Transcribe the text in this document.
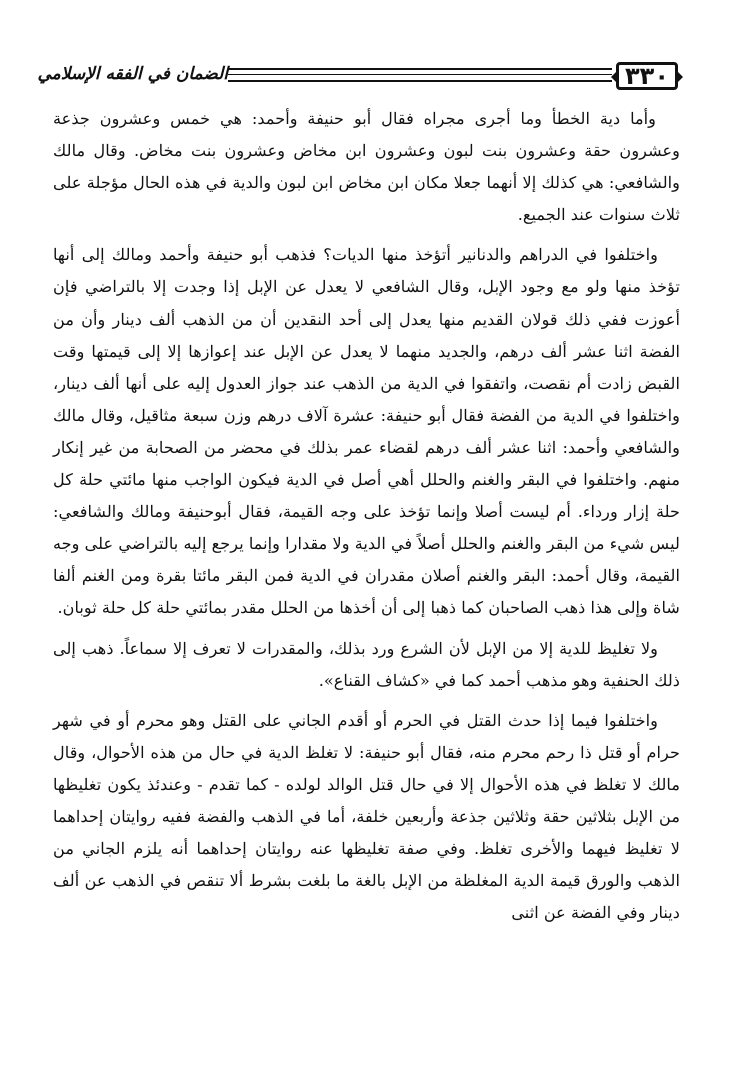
٣٣٠
الضمان في الفقه الإسلامي

وأما دية الخطأ وما أجرى مجراه فقال أبو حنيفة وأحمد: هي خمس وعشرون جذعة وعشرون حقة وعشرون بنت لبون وعشرون ابن مخاض وعشرون بنت مخاض. وقال مالك والشافعي: هي كذلك إلا أنهما جعلا مكان ابن مخاض ابن لبون والدية في هذه الحال مؤجلة على ثلاث سنوات عند الجميع.

واختلفوا في الدراهم والدنانير أتؤخذ منها الديات؟ فذهب أبو حنيفة وأحمد ومالك إلى أنها تؤخذ منها ولو مع وجود الإبل، وقال الشافعي لا يعدل عن الإبل إذا وجدت إلا بالتراضي فإن أعوزت ففي ذلك قولان القديم منها يعدل إلى أحد النقدين أن من الذهب ألف دينار وأن من الفضة اثنا عشر ألف درهم، والجديد منهما لا يعدل عن الإبل عند إعوازها إلا إلى قيمتها وقت القبض زادت أم نقصت، واتفقوا في الدية من الذهب عند جواز العدول إليه على أنها ألف دينار، واختلفوا في الدية من الفضة فقال أبو حنيفة: عشرة آلاف درهم وزن سبعة مثاقيل، وقال مالك والشافعي وأحمد: اثنا عشر ألف درهم لقضاء عمر بذلك في محضر من الصحابة من غير إنكار منهم. واختلفوا في البقر والغنم والحلل أهي أصل في الدية فيكون الواجب منها مائتي حلة كل حلة إزار ورداء. أم ليست أصلا وإنما تؤخذ على وجه القيمة، فقال أبوحنيفة ومالك والشافعي: ليس شيء من البقر والغنم والحلل أصلاً في الدية ولا مقدارا وإنما يرجع إليه بالتراضي على وجه القيمة، وقال أحمد: البقر والغنم أصلان مقدران في الدية فمن البقر مائتا بقرة ومن الغنم ألفا شاة وإلى هذا ذهب الصاحبان كما ذهبا إلى أن أخذها من الحلل مقدر بمائتي حلة كل حلة ثوبان.

ولا تغليظ للدية إلا من الإبل لأن الشرع ورد بذلك، والمقدرات لا تعرف إلا سماعاً. ذهب إلى ذلك الحنفية وهو مذهب أحمد كما في «كشاف القناع».

واختلفوا فيما إذا حدث القتل في الحرم أو أقدم الجاني على القتل وهو محرم أو في شهر حرام أو قتل ذا رحم محرم منه، فقال أبو حنيفة: لا تغلظ الدية في حال من هذه الأحوال، وقال مالك لا تغلظ في هذه الأحوال إلا في حال قتل الوالد لولده - كما تقدم - وعندئذ يكون تغليظها من الإبل بثلاثين حقة وثلاثين جذعة وأربعين خلفة، أما في الذهب والفضة ففيه روايتان إحداهما لا تغليظ فيهما والأخرى تغلظ. وفي صفة تغليظها عنه روايتان إحداهما أنه يلزم الجاني من الذهب والورق قيمة الدية المغلظة من الإبل بالغة ما بلغت بشرط ألا تنقص في الذهب عن ألف دينار وفي الفضة عن اثنى
